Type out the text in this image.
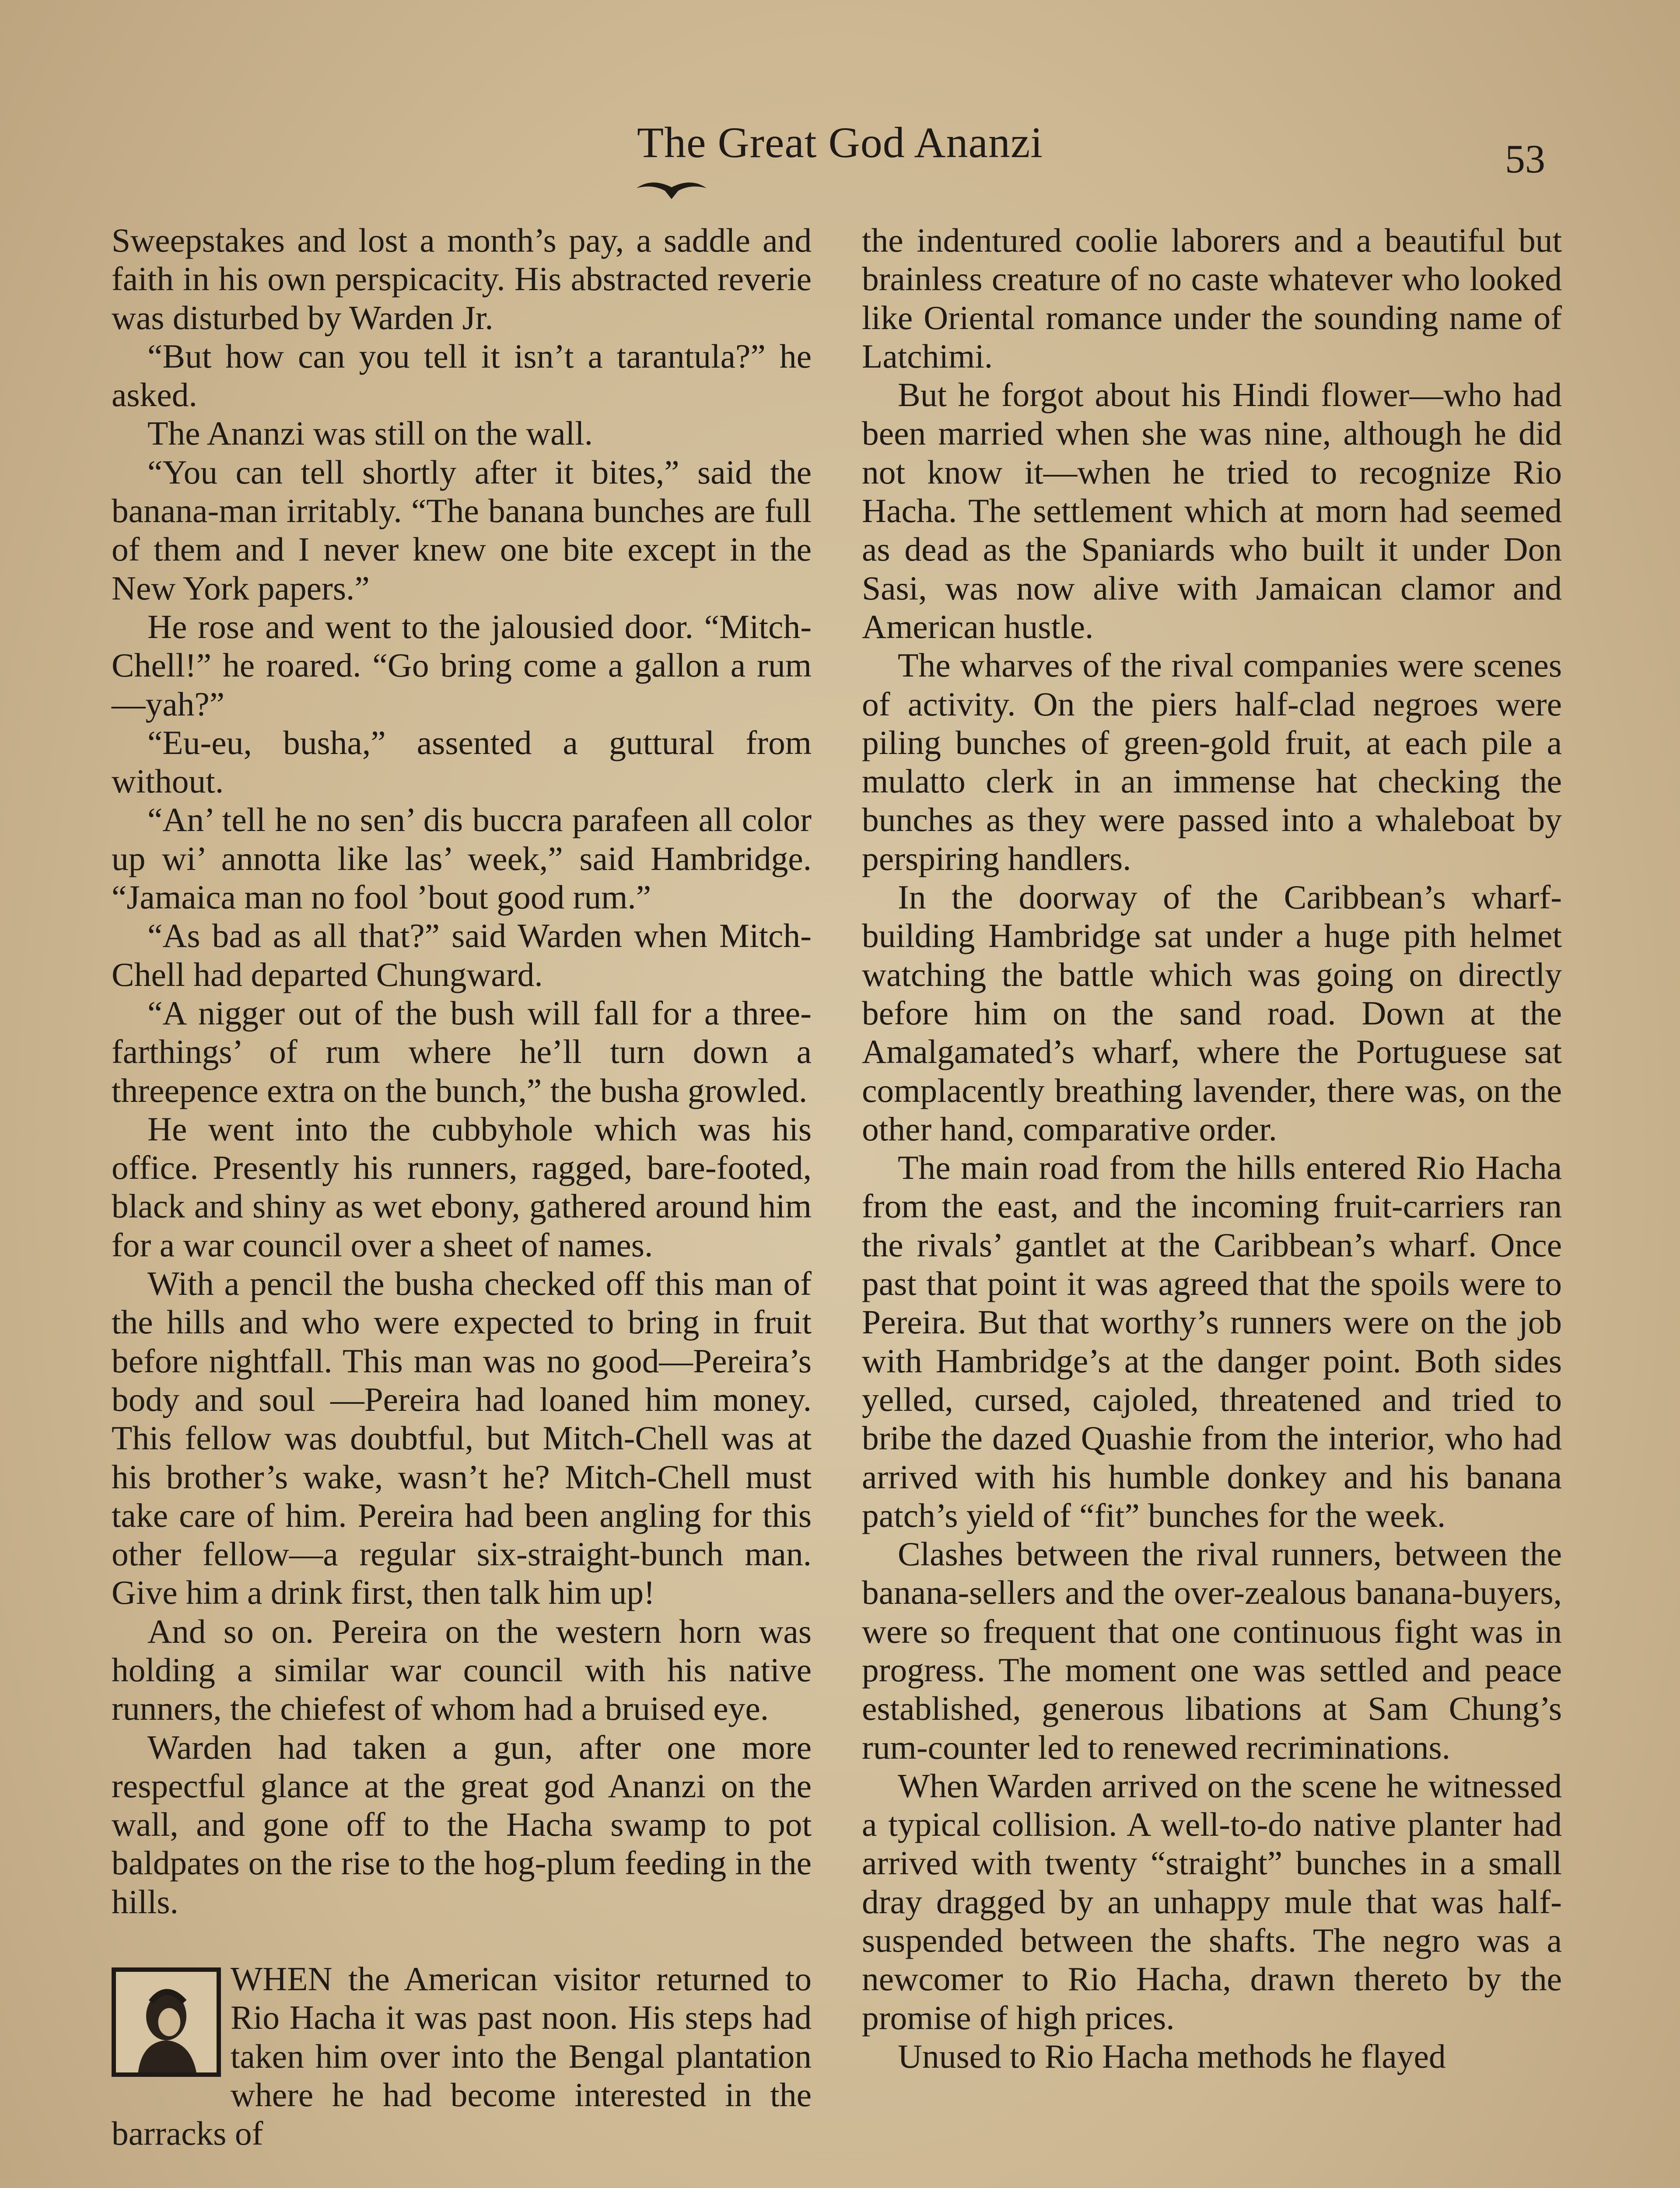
The Great God Ananzi	53

Sweepstakes and lost a month’s pay, a saddle and faith in his own perspicacity. His abstracted reverie was disturbed by Warden Jr.

“But how can you tell it isn’t a tarantula?” he asked.

The Ananzi was still on the wall.

“You can tell shortly after it bites,” said the banana-man irritably. “The banana bunches are full of them and I never knew one bite except in the New York papers.”

He rose and went to the jalousied door. “Mitch-Chell!” he roared. “Go bring come a gallon a rum—yah?”

“Eu-eu, busha,” assented a guttural from without.

“An’ tell he no sen’ dis buccra parafeen all color up wi’ annotta like las’ week,” said Hambridge. “Jamaica man no fool ’bout good rum.”

“As bad as all that?” said Warden when Mitch-Chell had departed Chungward.

“A nigger out of the bush will fall for a three-farthings’ of rum where he’ll turn down a threepence extra on the bunch,” the busha growled.

He went into the cubbyhole which was his office. Presently his runners, ragged, bare-footed, black and shiny as wet ebony, gathered around him for a war council over a sheet of names.

With a pencil the busha checked off this man of the hills and who were expected to bring in fruit before nightfall. This man was no good—Pereira’s body and soul —Pereira had loaned him money. This fellow was doubtful, but Mitch-Chell was at his brother’s wake, wasn’t he? Mitch-Chell must take care of him. Pereira had been angling for this other fellow—a regular six-straight-bunch man. Give him a drink first, then talk him up!

And so on. Pereira on the western horn was holding a similar war council with his native runners, the chiefest of whom had a bruised eye.

Warden had taken a gun, after one more respectful glance at the great god Ananzi on the wall, and gone off to the Hacha swamp to pot baldpates on the rise to the hog-plum feeding in the hills.

WHEN the American visitor returned to Rio Hacha it was past noon. His steps had taken him over into the Bengal plantation where he had become interested in the barracks of

the indentured coolie laborers and a beautiful but brainless creature of no caste whatever who looked like Oriental romance under the sounding name of Latchimi.

But he forgot about his Hindi flower—who had been married when she was nine, although he did not know it—when he tried to recognize Rio Hacha. The settlement which at morn had seemed as dead as the Spaniards who built it under Don Sasi, was now alive with Jamaican clamor and American hustle.

The wharves of the rival companies were scenes of activity. On the piers half-clad negroes were piling bunches of green-gold fruit, at each pile a mulatto clerk in an immense hat checking the bunches as they were passed into a whaleboat by perspiring handlers.

In the doorway of the Caribbean’s wharf-building Hambridge sat under a huge pith helmet watching the battle which was going on directly before him on the sand road. Down at the Amalgamated’s wharf, where the Portuguese sat complacently breathing lavender, there was, on the other hand, comparative order.

The main road from the hills entered Rio Hacha from the east, and the incoming fruit-carriers ran the rivals’ gantlet at the Caribbean’s wharf. Once past that point it was agreed that the spoils were to Pereira. But that worthy’s runners were on the job with Hambridge’s at the danger point. Both sides yelled, cursed, cajoled, threatened and tried to bribe the dazed Quashie from the interior, who had arrived with his humble donkey and his banana patch’s yield of “fit” bunches for the week.

Clashes between the rival runners, between the banana-sellers and the over-zealous banana-buyers, were so frequent that one continuous fight was in progress. The moment one was settled and peace established, generous libations at Sam Chung’s rum-counter led to renewed recriminations.

When Warden arrived on the scene he witnessed a typical collision. A well-to-do native planter had arrived with twenty “straight” bunches in a small dray dragged by an unhappy mule that was half-suspended between the shafts. The negro was a newcomer to Rio Hacha, drawn thereto by the promise of high prices.

Unused to Rio Hacha methods he flayed
